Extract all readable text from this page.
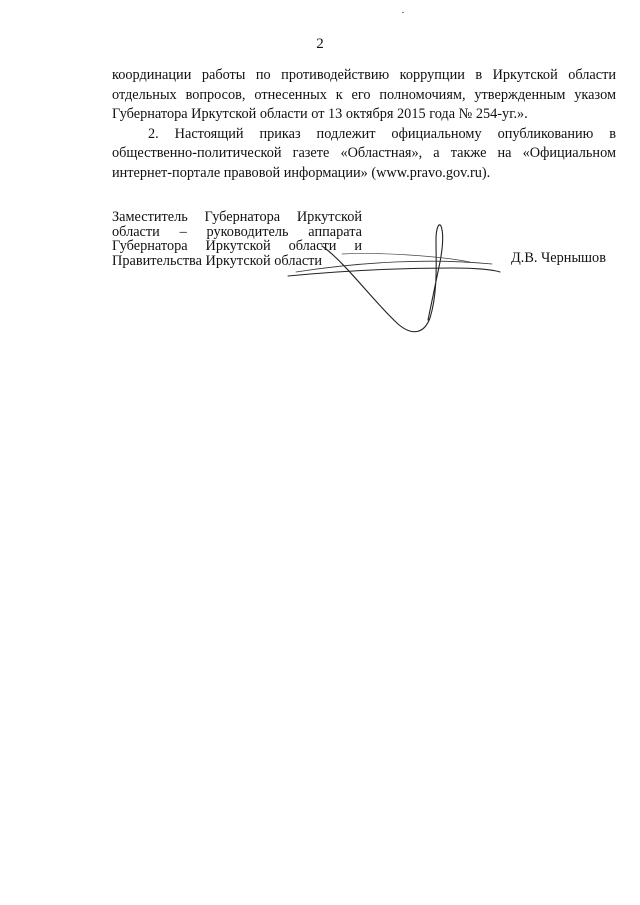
2

координации работы по противодействию коррупции в Иркутской области отдельных вопросов, отнесенных к его полномочиям, утвержденным указом Губернатора Иркутской области от 13 октября 2015 года № 254-уг.».

2. Настоящий приказ подлежит официальному опубликованию в общественно-политической газете «Областная», а также на «Официальном интернет-портале правовой информации» (www.pravo.gov.ru).

Заместитель Губернатора Иркутской
области – руководитель аппарата
Губернатора Иркутской области и
Правительства Иркутской области	Д.В. Чернышов
